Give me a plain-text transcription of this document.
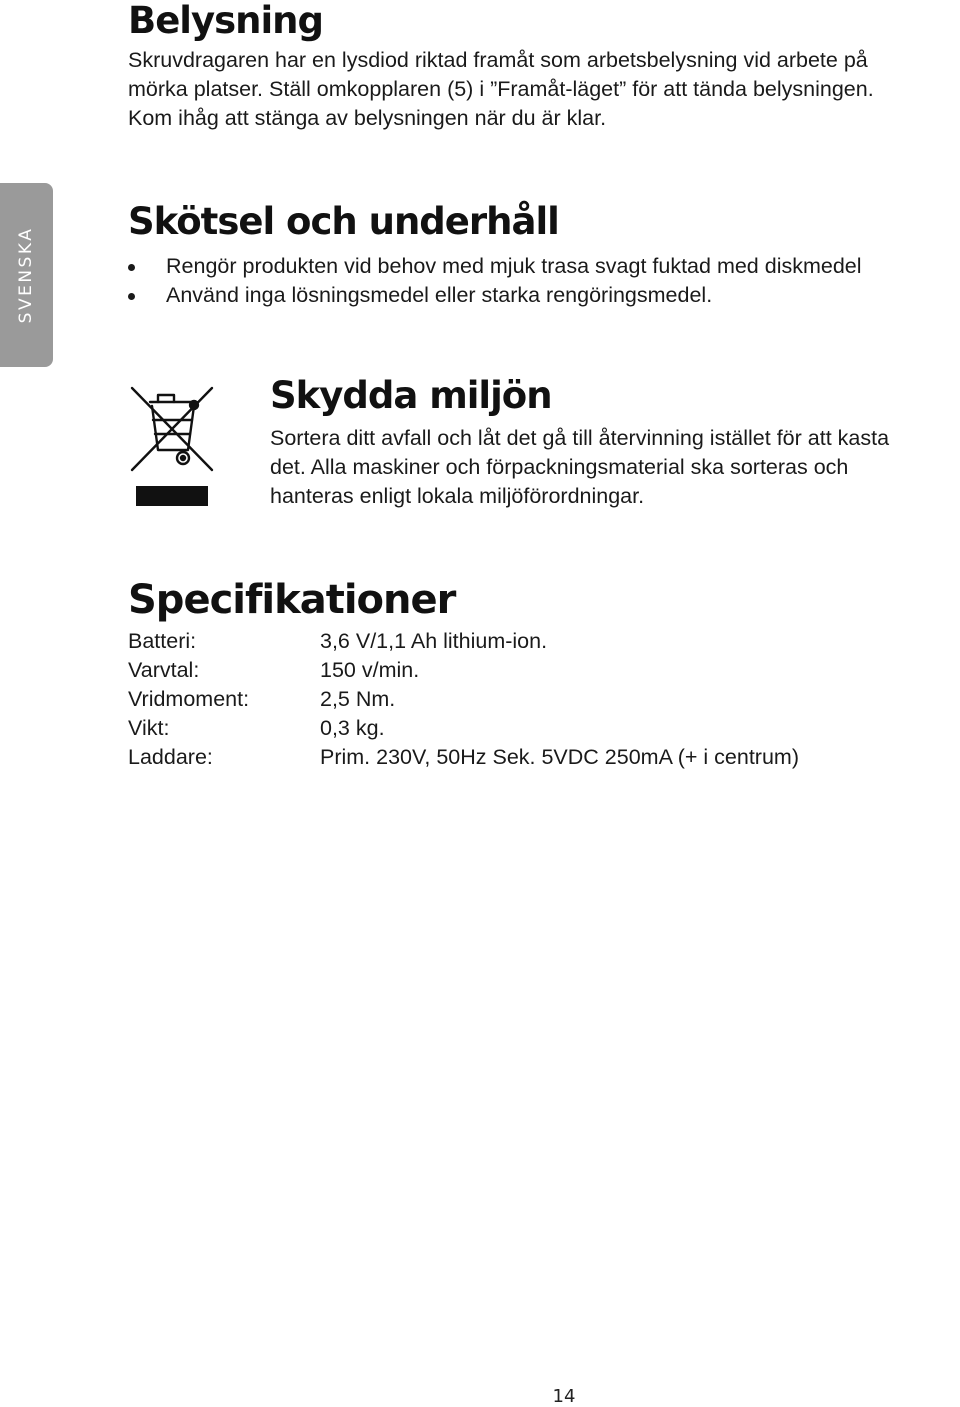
Belysning

Skruvdragaren har en lysdiod riktad framåt som arbetsbelysning vid arbete på
mörka platser. Ställ omkopplaren (5) i ”Framåt-läget” för att tända belysningen.
Kom ihåg att stänga av belysningen när du är klar.

SVENSKA
Skötsel och underhåll
Rengör produkten vid behov med mjuk trasa svagt fuktad med diskmedel
Använd inga lösningsmedel eller starka rengöringsmedel.
Skydda miljön

Sortera ditt avfall och låt det gå till återvinning istället för att kasta
det. Alla maskiner och förpackningsmaterial ska sorteras och
hanteras enligt lokala miljöförordningar.

Specifikationer
Batteri:	3,6 V/1,1 Ah lithium-ion.
Varvtal:	150 v/min.
Vridmoment:	2,5 Nm.
Vikt:	0,3 kg.
Laddare:	Prim. 230V, 50Hz Sek. 5VDC 250mA (+ i centrum)
14
